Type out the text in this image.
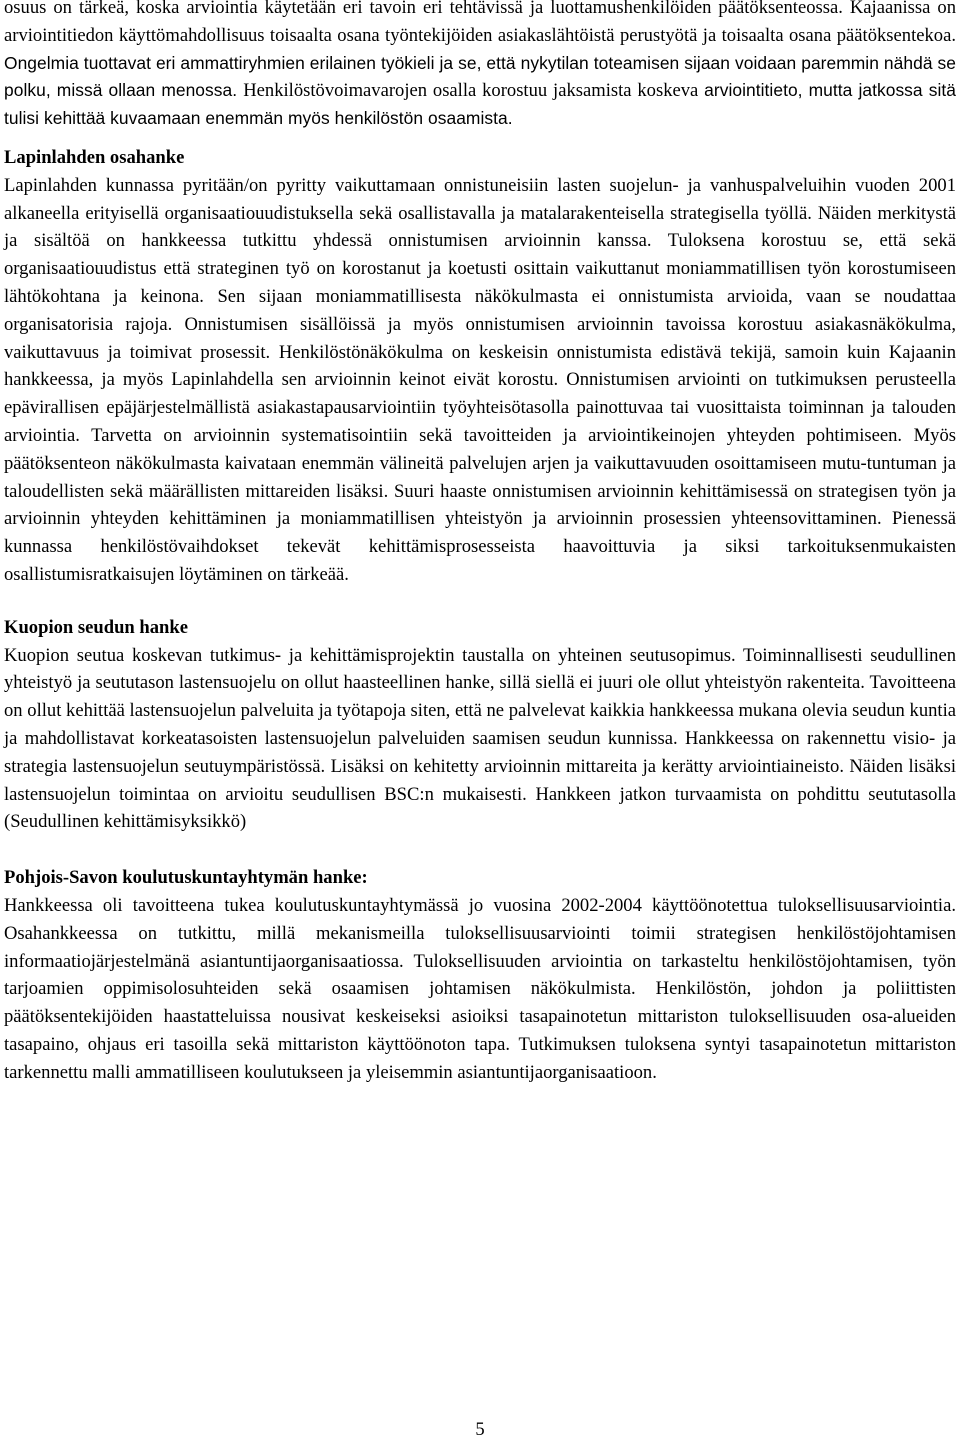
osuus on tärkeä, koska arviointia käytetään eri tavoin eri tehtävissä ja luottamushenkilöiden päätöksenteossa. Kajaanissa on arviointitiedon käyttömahdollisuus toisaalta osana työntekijöiden asiakaslähtöistä perustyötä ja toisaalta osana päätöksentekoa. Ongelmia tuottavat eri ammattiryhmien erilainen työkieli ja se, että nykytilan toteamisen sijaan voidaan paremmin nähdä se polku, missä ollaan menossa. Henkilöstövoimavarojen osalla korostuu jaksamista koskeva arviointitieto, mutta jatkossa sitä tulisi kehittää kuvaamaan enemmän myös henkilöstön osaamista.

Lapinlahden osahanke

Lapinlahden kunnassa pyritään/on pyritty vaikuttamaan onnistuneisiin lasten suojelun- ja vanhuspalveluihin vuoden 2001 alkaneella erityisellä organisaatiouudistuksella sekä osallistavalla ja matalarakenteisella strategisella työllä. Näiden merkitystä ja sisältöä on hankkeessa tutkittu yhdessä onnistumisen arvioinnin kanssa. Tuloksena korostuu se, että sekä organisaatiouudistus että strateginen työ on korostanut ja koetusti osittain vaikuttanut moniammatillisen työn korostumiseen lähtökohtana ja keinona. Sen sijaan moniammatillisesta näkökulmasta ei onnistumista arvioida, vaan se noudattaa organisatorisia rajoja. Onnistumisen sisällöissä ja myös onnistumisen arvioinnin tavoissa korostuu asiakasnäkökulma, vaikuttavuus ja toimivat prosessit. Henkilöstönäkökulma on keskeisin onnistumista edistävä tekijä, samoin kuin Kajaanin hankkeessa, ja myös Lapinlahdella sen arvioinnin keinot eivät korostu. Onnistumisen arviointi on tutkimuksen perusteella epävirallisen epäjärjestelmällistä asiakastapausarviointiin työyhteisötasolla painottuvaa tai vuosittaista toiminnan ja talouden arviointia. Tarvetta on arvioinnin systematisointiin sekä tavoitteiden ja arviointikeinojen yhteyden pohtimiseen. Myös päätöksenteon näkökulmasta kaivataan enemmän välineitä palvelujen arjen ja vaikuttavuuden osoittamiseen mutu-tuntuman ja taloudellisten sekä määrällisten mittareiden lisäksi. Suuri haaste onnistumisen arvioinnin kehittämisessä on strategisen työn ja arvioinnin yhteyden kehittäminen ja moniammatillisen yhteistyön ja arvioinnin prosessien yhteensovittaminen. Pienessä kunnassa henkilöstövaihdokset tekevät kehittämisprosesseista haavoittuvia ja siksi tarkoituksenmukaisten osallistumisratkaisujen löytäminen on tärkeää.

Kuopion seudun hanke

Kuopion seutua koskevan tutkimus- ja kehittämisprojektin taustalla on yhteinen seutusopimus. Toiminnallisesti seudullinen yhteistyö ja seututason lastensuojelu on ollut haasteellinen hanke, sillä siellä ei juuri ole ollut yhteistyön rakenteita. Tavoitteena on ollut kehittää lastensuojelun palveluita ja työtapoja siten, että ne palvelevat kaikkia hankkeessa mukana olevia seudun kuntia ja mahdollistavat korkeatasoisten lastensuojelun palveluiden saamisen seudun kunnissa. Hankkeessa on rakennettu visio- ja strategia lastensuojelun seutuympäristössä. Lisäksi on kehitetty arvioinnin mittareita ja kerätty arviointiaineisto. Näiden lisäksi lastensuojelun toimintaa on arvioitu seudullisen BSC:n mukaisesti. Hankkeen jatkon turvaamista on pohdittu seututasolla (Seudullinen kehittämisyksikkö)

Pohjois-Savon koulutuskuntayhtymän hanke:

Hankkeessa oli tavoitteena tukea koulutuskuntayhtymässä jo vuosina 2002-2004 käyttöönotettua tuloksellisuusarviointia. Osahankkeessa on tutkittu, millä mekanismeilla tuloksellisuusarviointi toimii strategisen henkilöstöjohtamisen informaatiojärjestelmänä asiantuntijaorganisaatiossa. Tuloksellisuuden arviointia on tarkasteltu henkilöstöjohtamisen, työn tarjoamien oppimisolosuhteiden sekä osaamisen johtamisen näkökulmista. Henkilöstön, johdon ja poliittisten päätöksentekijöiden haastatteluissa nousivat keskeiseksi asioiksi tasapainotetun mittariston tuloksellisuuden osa-alueiden tasapaino, ohjaus eri tasoilla sekä mittariston käyttöönoton tapa. Tutkimuksen tuloksena syntyi tasapainotetun mittariston tarkennettu malli ammatilliseen koulutukseen ja yleisemmin asiantuntijaorganisaatioon.

5
